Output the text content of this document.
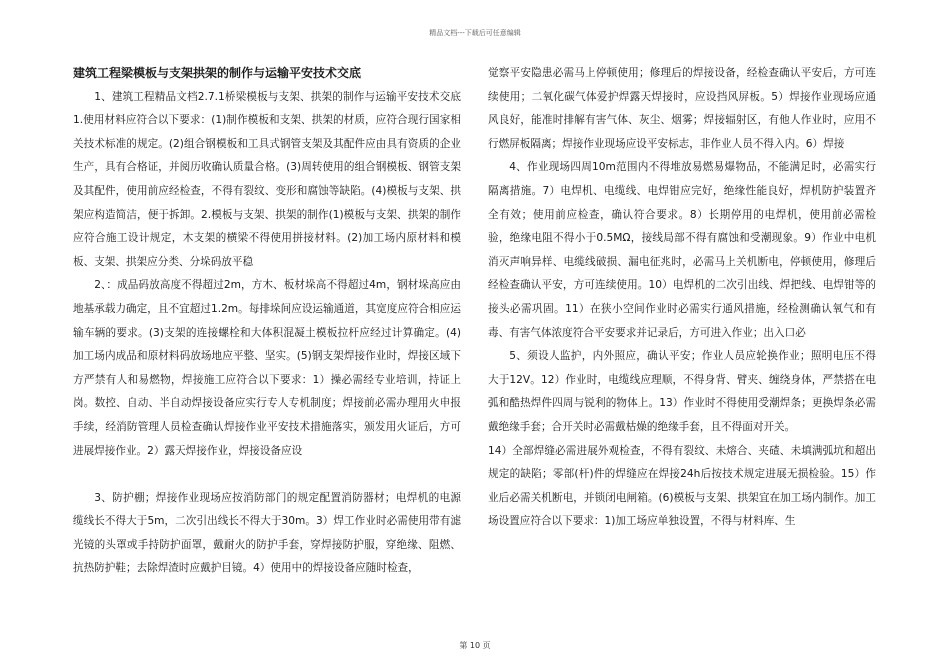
精品文档---下载后可任意编辑

建筑工程梁模板与支架拱架的制作与运输平安技术交底

1、建筑工程精品文档2.7.1桥梁模板与支架、拱架的制作与运输平安技术交底1.使用材料应符合以下要求：(1)制作模板和支架、拱架的材质，应符合现行国家相关技术标准的规定。(2)组合钢模板和工具式钢管支架及其配件应由具有资质的企业生产，具有合格证，并阅历收确认质量合格。(3)周转使用的组合钢模板、钢管支架及其配件，使用前应经检查，不得有裂纹、变形和腐蚀等缺陷。(4)模板与支架、拱架应构造简洁，便于拆卸。2.模板与支架、拱架的制作(1)模板与支架、拱架的制作应符合施工设计规定，木支架的横梁不得使用拼接材料。(2)加工场内原材料和模板、支架、拱架应分类、分垛码放平稳

2、：成品码放高度不得超过2m，方木、板材垛高不得超过4m，钢材垛高应由地基承载力确定，且不宜超过1.2m。每排垛间应设运输通道，其宽度应符合相应运输车辆的要求。(3)支架的连接螺栓和大体积混凝土模板拉杆应经过计算确定。(4)加工场内成品和原材料码放场地应平整、坚实。(5)钢支架焊接作业时，焊接区域下方严禁有人和易燃物，焊接施工应符合以下要求：1）操必需经专业培训，持证上岗。数控、自动、半自动焊接设备应实行专人专机制度；焊接前必需办理用火申报手续，经消防管理人员检查确认焊接作业平安技术措施落实，颁发用火证后，方可进展焊接作业。2）露天焊接作业，焊接设备应设

3、防护棚；焊接作业现场应按消防部门的规定配置消防器材；电焊机的电源缆线长不得大于5m，二次引出线长不得大于30m。3）焊工作业时必需使用带有滤光镜的头罩或手持防护面罩，戴耐火的防护手套，穿焊接防护服，穿绝缘、阻燃、抗热防护鞋；去除焊渣时应戴护目镜。4）使用中的焊接设备应随时检查，

觉察平安隐患必需马上停顿使用；修理后的焊接设备，经检查确认平安后，方可连续使用；二氧化碳气体爱护焊露天焊接时，应设挡风屏板。5）焊接作业现场应通风良好，能准时排解有害气体、灰尘、烟雾；焊接辐射区，有他人作业时，应用不行燃屏板隔离；焊接作业现场应设平安标志，非作业人员不得入内。6）焊接

4、作业现场四周10m范围内不得堆放易燃易爆物品，不能满足时，必需实行隔离措施。7）电焊机、电缆线、电焊钳应完好，绝缘性能良好，焊机防护装置齐全有效；使用前应检查，确认符合要求。8）长期停用的电焊机，使用前必需检验，绝缘电阻不得小于0.5MΩ，接线局部不得有腐蚀和受潮现象。9）作业中电机消灭声响异样、电缆线破损、漏电征兆时，必需马上关机断电，停顿使用，修理后经检查确认平安，方可连续使用。10）电焊机的二次引出线、焊把线、电焊钳等的接头必需巩固。11）在狭小空间作业时必需实行通风措施，经检测确认氧气和有毒、有害气体浓度符合平安要求并记录后，方可进入作业；出入口必

5、须设人监护，内外照应，确认平安；作业人员应轮换作业；照明电压不得大于12V。12）作业时，电缆线应理顺，不得身背、臂夹、缠绕身体，严禁搭在电弧和酷热焊件四周与锐利的物体上。13）作业时不得使用受潮焊条；更换焊条必需戴绝缘手套；合开关时必需戴枯燥的绝缘手套，且不得面对开关。

14）全部焊缝必需进展外观检查，不得有裂纹、未熔合、夹碴、未填满弧坑和超出规定的缺陷；零部(杆)件的焊缝应在焊接24h后按技术规定进展无损检验。15）作业后必需关机断电，并锁闭电闸箱。(6)模板与支架、拱架宜在加工场内制作。加工场设置应符合以下要求：1)加工场应单独设置，不得与材料库、生

第 10 页
